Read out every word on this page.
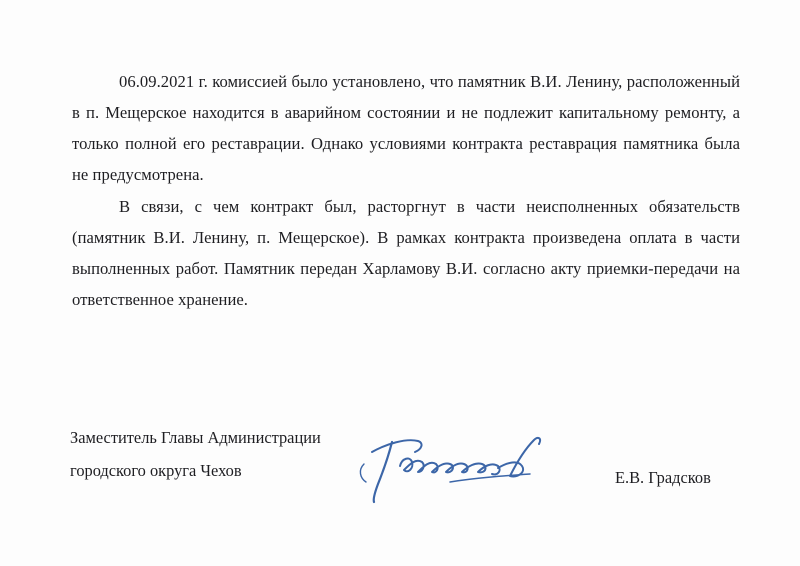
06.09.2021 г. комиссией было установлено, что памятник В.И. Ленину, расположенный в п. Мещерское находится в аварийном состоянии и не подлежит капитальному ремонту, а только полной его реставрации. Однако условиями контракта реставрация памятника была не предусмотрена.

В связи, с чем контракт был, расторгнут в части неисполненных обязательств (памятник В.И. Ленину, п. Мещерское). В рамках контракта произведена оплата в части выполненных работ. Памятник передан Харламову В.И. согласно акту приемки-передачи на ответственное хранение.

Заместитель Главы Администрации
городского округа Чехов	Е.В. Градсков
